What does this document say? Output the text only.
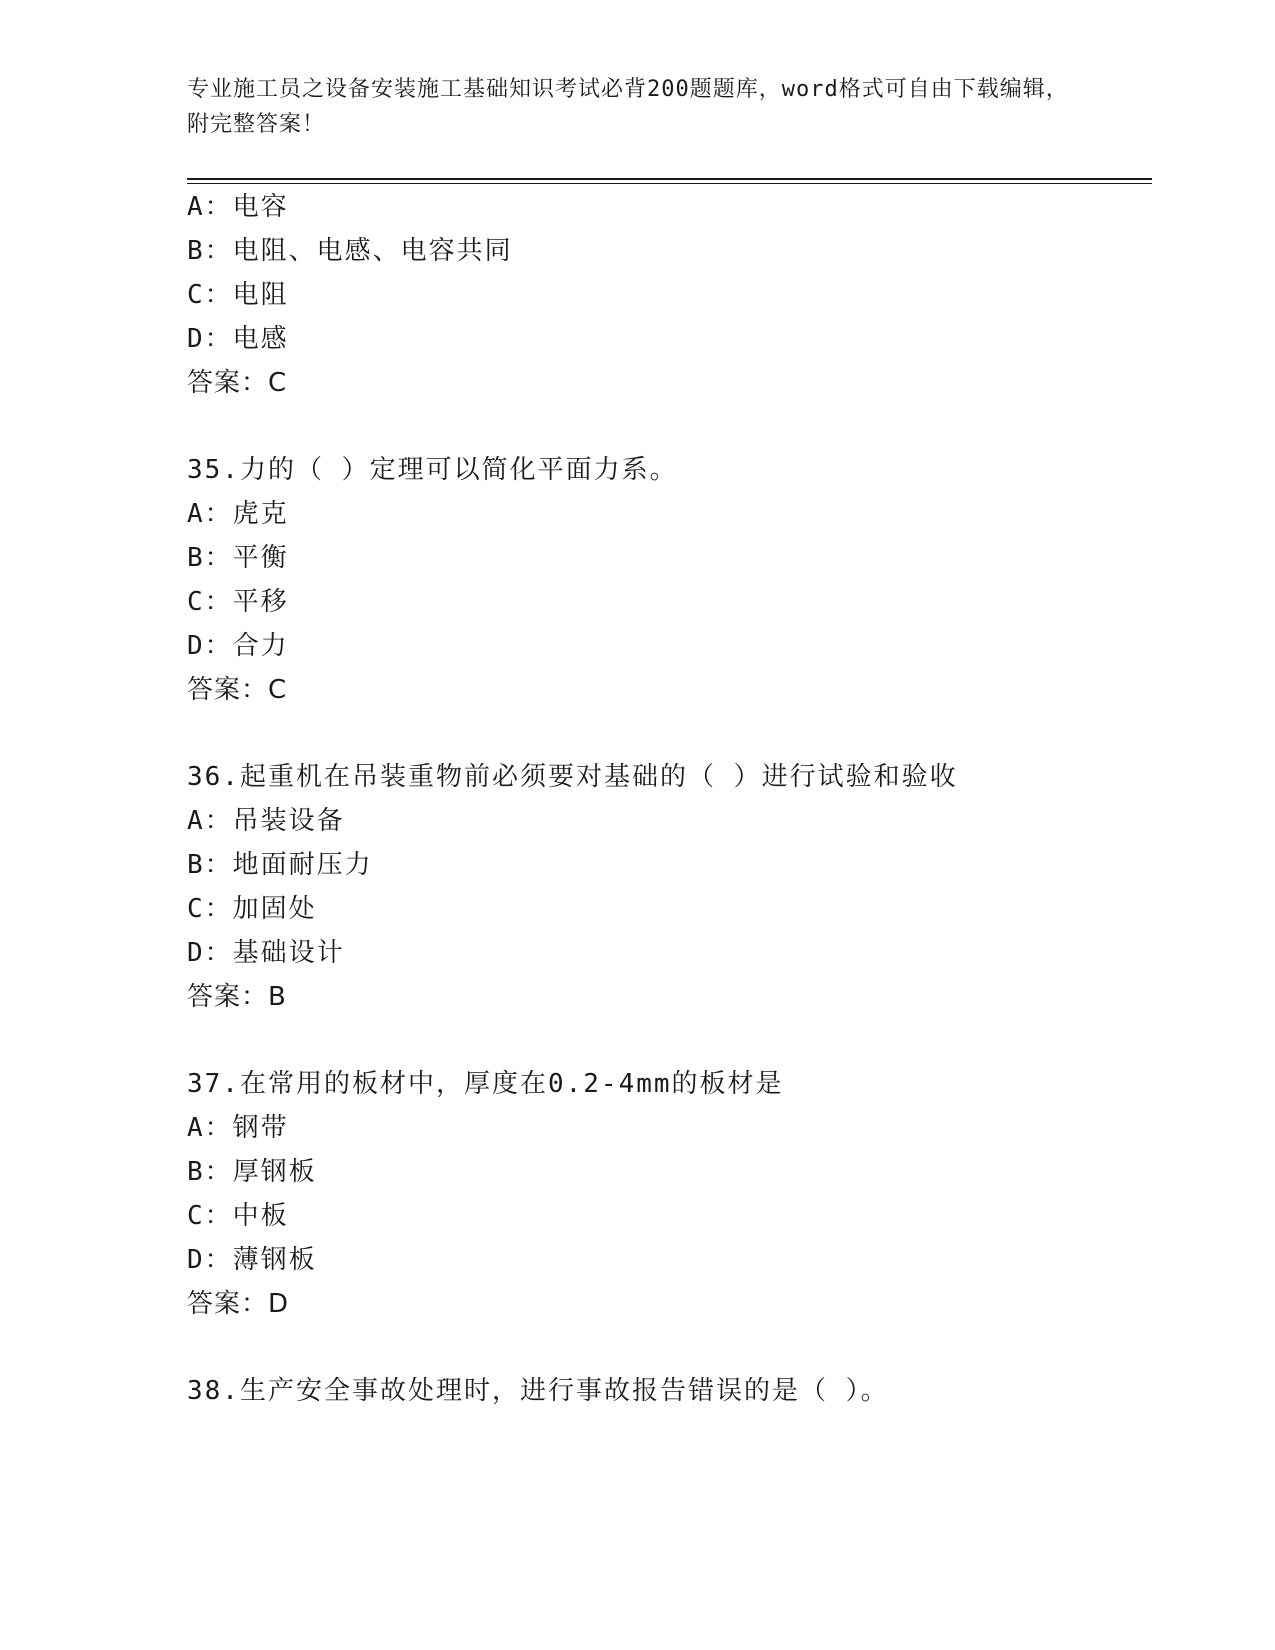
专业施工员之设备安装施工基础知识考试必背200题题库，word格式可自由下载编辑，附完整答案！
A：电容
B：电阻、电感、电容共同
C：电阻
D：电感
答案：C
35.力的（ ）定理可以简化平面力系。
A：虎克
B：平衡
C：平移
D：合力
答案：C
36.起重机在吊装重物前必须要对基础的（ ）进行试验和验收
A：吊装设备
B：地面耐压力
C：加固处
D：基础设计
答案：B
37.在常用的板材中，厚度在0.2-4mm的板材是
A：钢带
B：厚钢板
C：中板
D：薄钢板
答案：D
38.生产安全事故处理时，进行事故报告错误的是（ ）。
